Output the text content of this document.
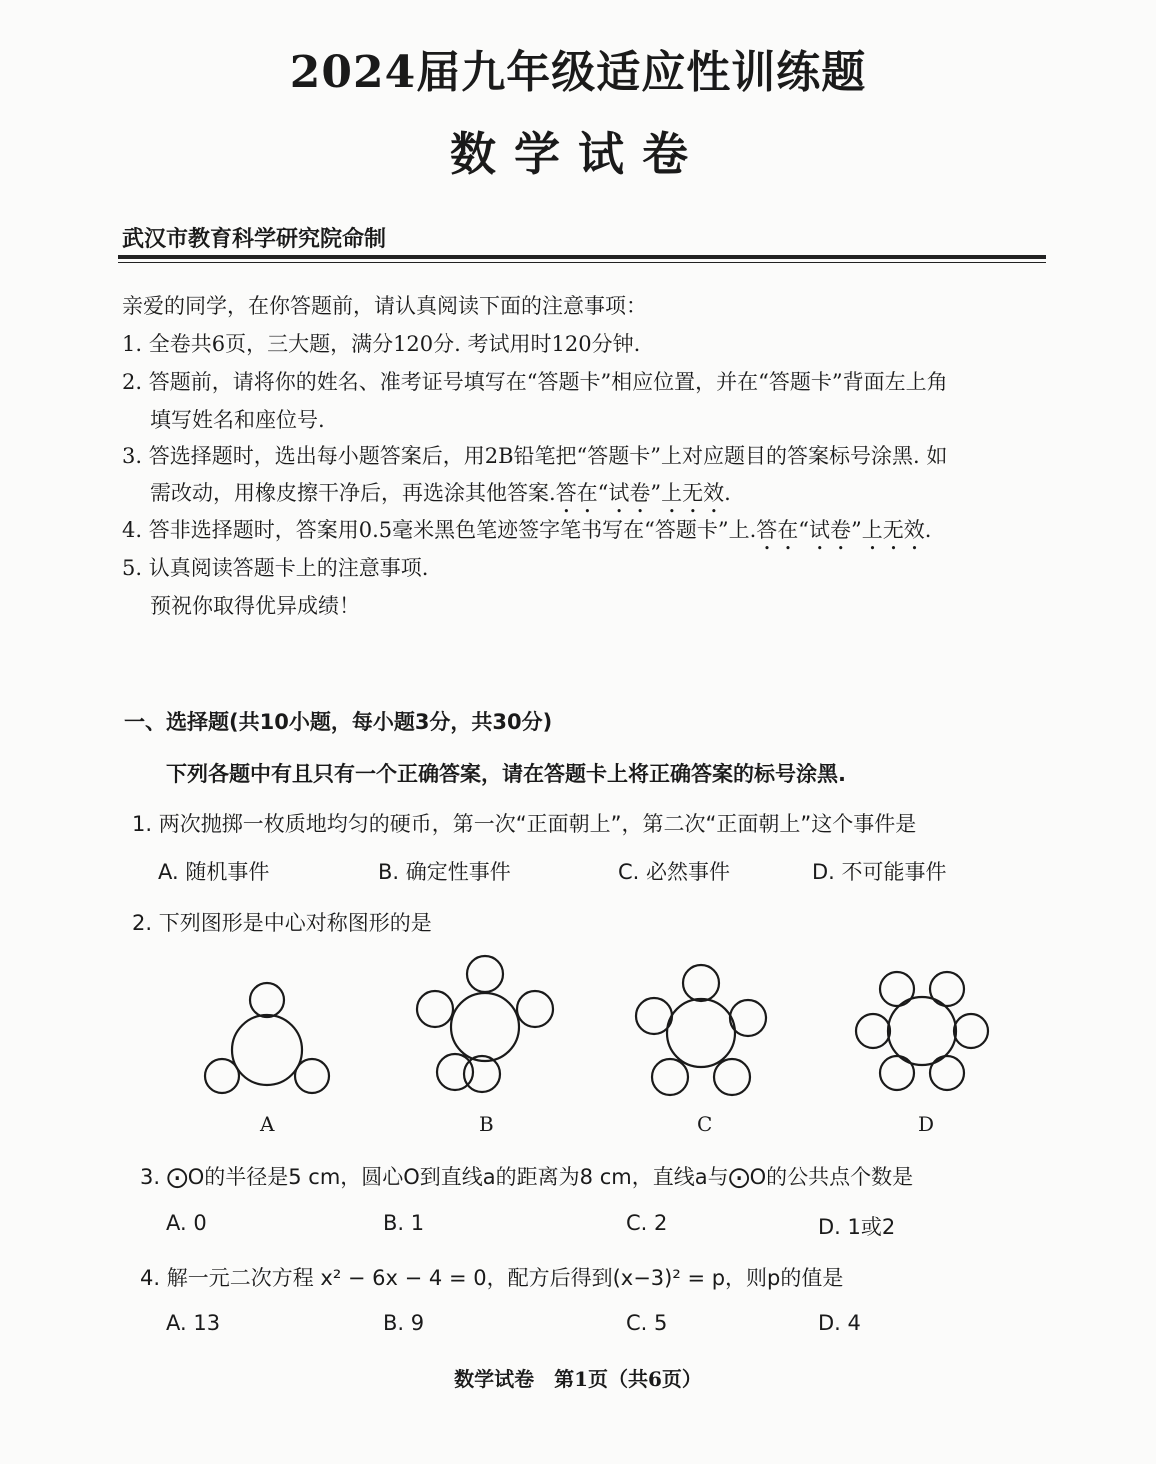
2024届九年级适应性训练题
数学试卷
武汉市教育科学研究院命制
亲爱的同学，在你答题前，请认真阅读下面的注意事项：
1. 全卷共6页，三大题，满分120分. 考试用时120分钟.
2. 答题前，请将你的姓名、准考证号填写在“答题卡”相应位置，并在“答题卡”背面左上角
填写姓名和座位号.
3. 答选择题时，选出每小题答案后，用2B铅笔把“答题卡”上对应题目的答案标号涂黑. 如
需改动，用橡皮擦干净后，再选涂其他答案.答在“试卷”上无效.
4. 答非选择题时，答案用0.5毫米黑色笔迹签字笔书写在“答题卡”上.答在“试卷”上无效.
5. 认真阅读答题卡上的注意事项.
预祝你取得优异成绩！
一、选择题(共10小题，每小题3分，共30分)
下列各题中有且只有一个正确答案，请在答题卡上将正确答案的标号涂黑.
1. 两次抛掷一枚质地均匀的硬币，第一次“正面朝上”，第二次“正面朝上”这个事件是
A. 随机事件	B. 确定性事件	C. 必然事件	D. 不可能事件
2. 下列图形是中心对称图形的是
A	B	C	D
3. ⨀O的半径是5 cm，圆心O到直线a的距离为8 cm，直线a与⨀O的公共点个数是
A. 0	B. 1	C. 2	D. 1或2
4. 解一元二次方程 x² − 6x − 4 = 0，配方后得到(x−3)² = p，则p的值是
A. 13	B. 9	C. 5	D. 4
数学试卷　第1页（共6页）
